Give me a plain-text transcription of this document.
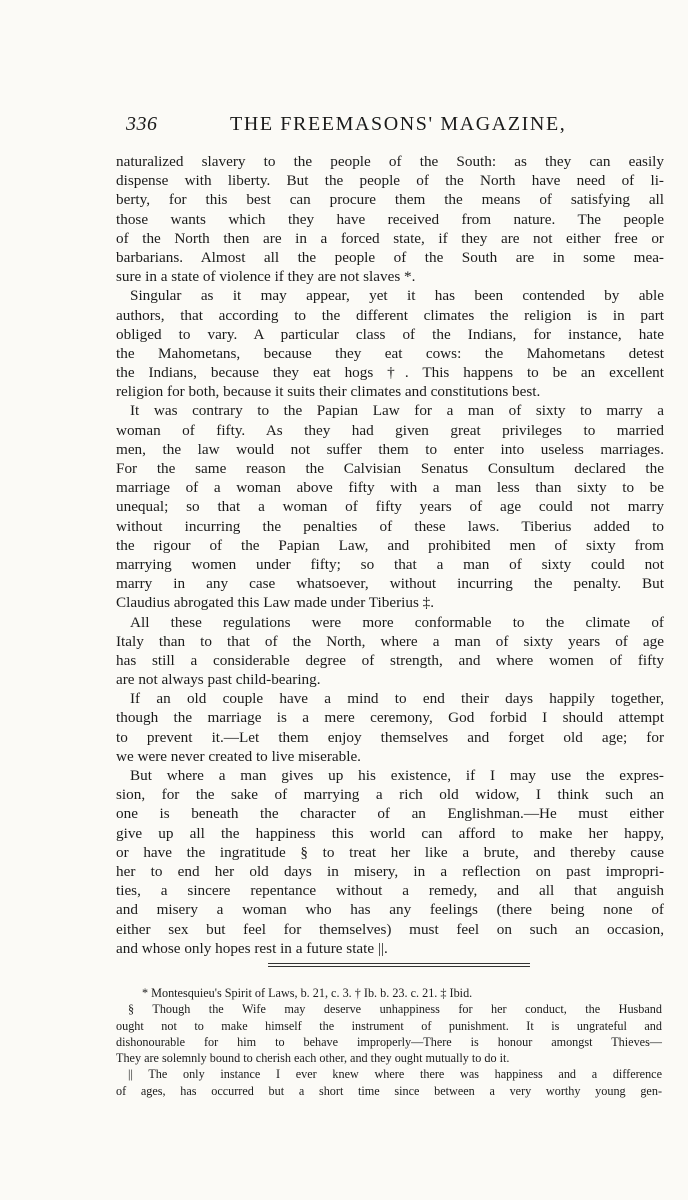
336	THE FREEMASONS' MAGAZINE,
naturalized slavery to the people of the South: as they can easily
dispense with liberty. But the people of the North have need of li-
berty, for this best can procure them the means of satisfying all
those wants which they have received from nature. The people
of the North then are in a forced state, if they are not either free or
barbarians. Almost all the people of the South are in some mea-
sure in a state of violence if they are not slaves *.
Singular as it may appear, yet it has been contended by able
authors, that according to the different climates the religion is in part
obliged to vary. A particular class of the Indians, for instance, hate
the Mahometans, because they eat cows: the Mahometans detest
the Indians, because they eat hogs †. This happens to be an excellent
religion for both, because it suits their climates and constitutions best.
It was contrary to the Papian Law for a man of sixty to marry a
woman of fifty. As they had given great privileges to married
men, the law would not suffer them to enter into useless marriages.
For the same reason the Calvisian Senatus Consultum declared the
marriage of a woman above fifty with a man less than sixty to be
unequal; so that a woman of fifty years of age could not marry
without incurring the penalties of these laws. Tiberius added to
the rigour of the Papian Law, and prohibited men of sixty from
marrying women under fifty; so that a man of sixty could not
marry in any case whatsoever, without incurring the penalty. But
Claudius abrogated this Law made under Tiberius ‡.
All these regulations were more conformable to the climate of
Italy than to that of the North, where a man of sixty years of age
has still a considerable degree of strength, and where women of fifty
are not always past child-bearing.
If an old couple have a mind to end their days happily together,
though the marriage is a mere ceremony, God forbid I should attempt
to prevent it.—Let them enjoy themselves and forget old age; for
we were never created to live miserable.
But where a man gives up his existence, if I may use the expres-
sion, for the sake of marrying a rich old widow, I think such an
one is beneath the character of an Englishman.—He must either
give up all the happiness this world can afford to make her happy,
or have the ingratitude § to treat her like a brute, and thereby cause
her to end her old days in misery, in a reflection on past impropri-
ties, a sincere repentance without a remedy, and all that anguish
and misery a woman who has any feelings (there being none of
either sex but feel for themselves) must feel on such an occasion,
and whose only hopes rest in a future state ||.
* Montesquieu's Spirit of Laws, b. 21, c. 3. † Ib. b. 23. c. 21. ‡ Ibid.
§ Though the Wife may deserve unhappiness for her conduct, the Husband
ought not to make himself the instrument of punishment. It is ungrateful and
dishonourable for him to behave improperly—There is honour amongst Thieves—
They are solemnly bound to cherish each other, and they ought mutually to do it.
|| The only instance I ever knew where there was happiness and a difference
of ages, has occurred but a short time since between a very worthy young gen-
